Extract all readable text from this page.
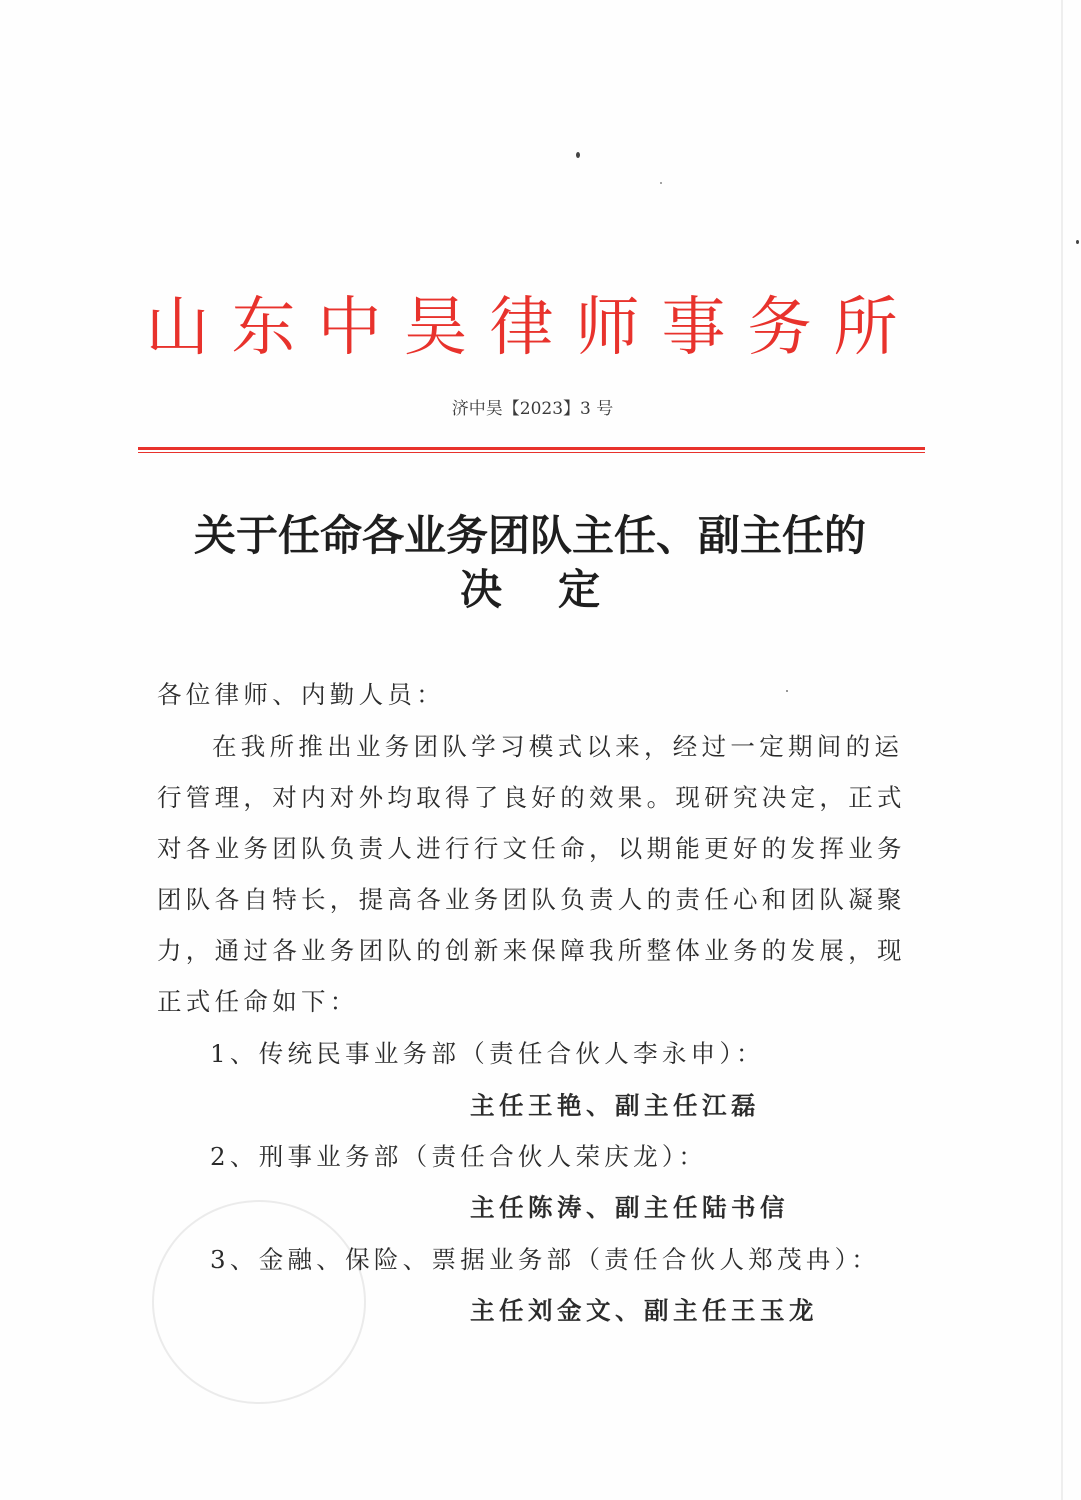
山东中昊律师事务所
济中昊【2023】3 号
关于任命各业务团队主任、副主任的
决定
各位律师、内勤人员：
在我所推出业务团队学习模式以来，经过一定期间的运
行管理，对内对外均取得了良好的效果。现研究决定，正式
对各业务团队负责人进行行文任命，以期能更好的发挥业务
团队各自特长，提高各业务团队负责人的责任心和团队凝聚
力，通过各业务团队的创新来保障我所整体业务的发展，现
正式任命如下：
1、传统民事业务部（责任合伙人李永申）：
主任王艳、副主任江磊
2、刑事业务部（责任合伙人荣庆龙）：
主任陈涛、副主任陆书信
3、金融、保险、票据业务部（责任合伙人郑茂冉）：
主任刘金文、副主任王玉龙
